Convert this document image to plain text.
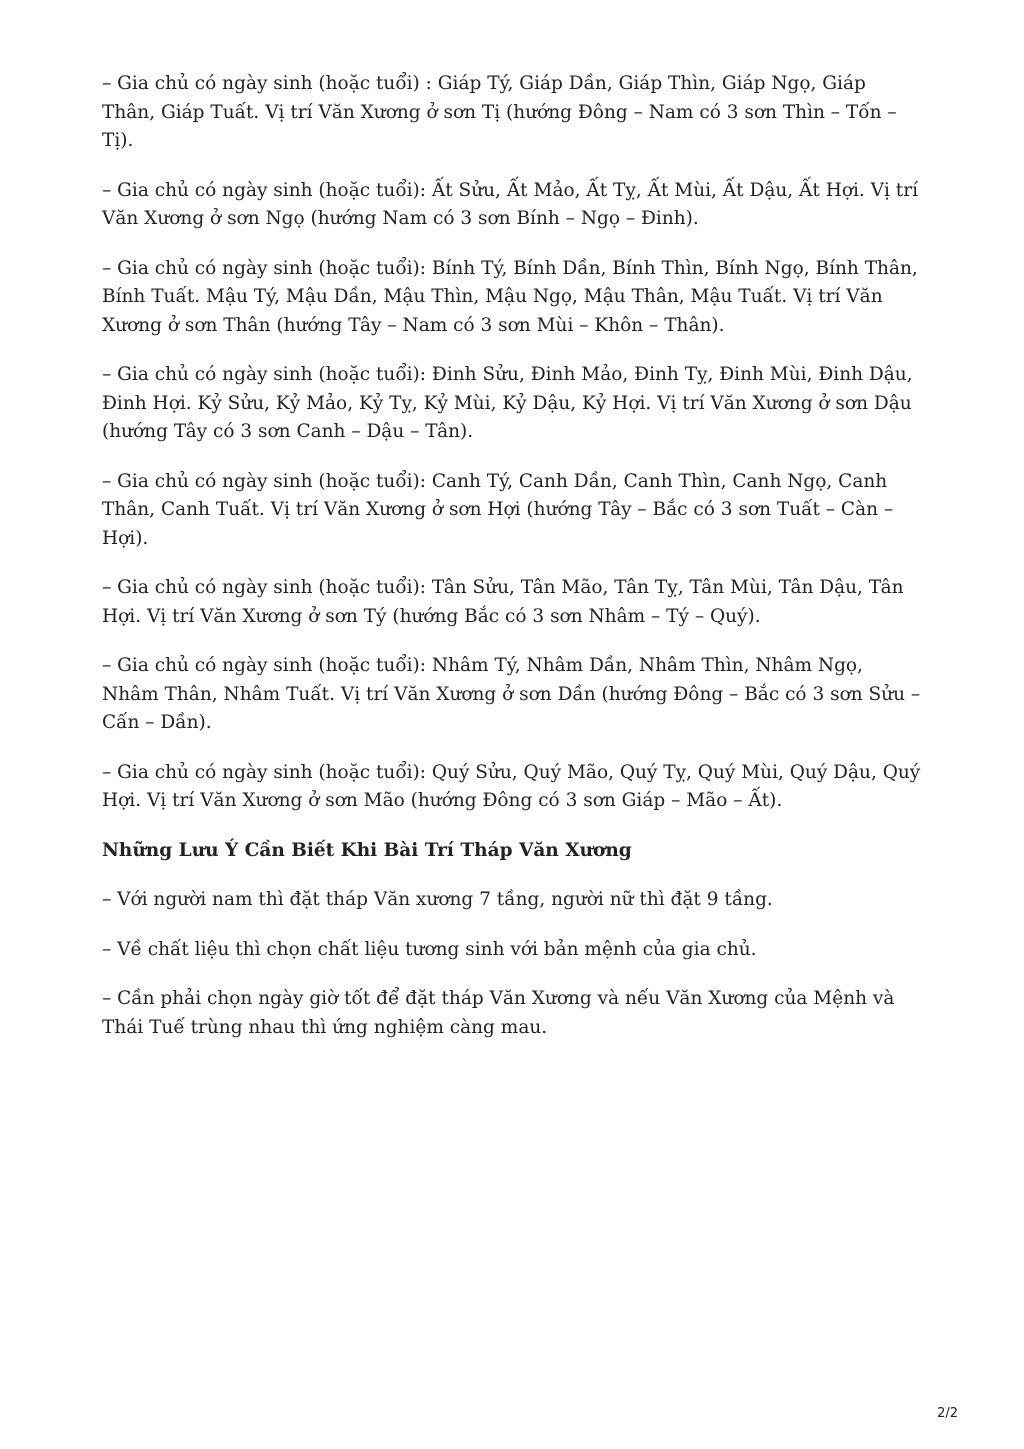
– Gia chủ có ngày sinh (hoặc tuổi) : Giáp Tý, Giáp Dần, Giáp Thìn, Giáp Ngọ, Giáp Thân, Giáp Tuất. Vị trí Văn Xương ở sơn Tị (hướng Đông – Nam có 3 sơn Thìn – Tốn – Tị).

– Gia chủ có ngày sinh (hoặc tuổi): Ất Sửu, Ất Mảo, Ất Tỵ, Ất Mùi, Ất Dậu, Ất Hợi. Vị trí Văn Xương ở sơn Ngọ (hướng Nam có 3 sơn Bính – Ngọ – Đinh).

– Gia chủ có ngày sinh (hoặc tuổi): Bính Tý, Bính Dần, Bính Thìn, Bính Ngọ, Bính Thân, Bính Tuất. Mậu Tý, Mậu Dần, Mậu Thìn, Mậu Ngọ, Mậu Thân, Mậu Tuất. Vị trí Văn Xương ở sơn Thân (hướng Tây – Nam có 3 sơn Mùi – Khôn – Thân).

– Gia chủ có ngày sinh (hoặc tuổi): Đinh Sửu, Đinh Mảo, Đinh Tỵ, Đinh Mùi, Đinh Dậu, Đinh Hợi. Kỷ Sửu, Kỷ Mảo, Kỷ Tỵ, Kỷ Mùi, Kỷ Dậu, Kỷ Hợi. Vị trí Văn Xương ở sơn Dậu (hướng Tây có 3 sơn Canh – Dậu – Tân).

– Gia chủ có ngày sinh (hoặc tuổi): Canh Tý, Canh Dần, Canh Thìn, Canh Ngọ, Canh Thân, Canh Tuất. Vị trí Văn Xương ở sơn Hợi (hướng Tây – Bắc có 3 sơn Tuất – Càn – Hợi).

– Gia chủ có ngày sinh (hoặc tuổi): Tân Sửu, Tân Mão, Tân Tỵ, Tân Mùi, Tân Dậu, Tân Hợi. Vị trí Văn Xương ở sơn Tý (hướng Bắc có 3 sơn Nhâm – Tý – Quý).

– Gia chủ có ngày sinh (hoặc tuổi): Nhâm Tý, Nhâm Dần, Nhâm Thìn, Nhâm Ngọ, Nhâm Thân, Nhâm Tuất. Vị trí Văn Xương ở sơn Dần (hướng Đông – Bắc có 3 sơn Sửu – Cấn – Dần).

– Gia chủ có ngày sinh (hoặc tuổi): Quý Sửu, Quý Mão, Quý Tỵ, Quý Mùi, Quý Dậu, Quý Hợi. Vị trí Văn Xương ở sơn Mão (hướng Đông có 3 sơn Giáp – Mão – Ất).

Những Lưu Ý Cần Biết Khi Bài Trí Tháp Văn Xương

– Với người nam thì đặt tháp Văn xương 7 tầng, người nữ thì đặt 9 tầng.

– Về chất liệu thì chọn chất liệu tương sinh với bản mệnh của gia chủ.

– Cần phải chọn ngày giờ tốt để đặt tháp Văn Xương và nếu Văn Xương của Mệnh và Thái Tuế trùng nhau thì ứng nghiệm càng mau.

2/2
